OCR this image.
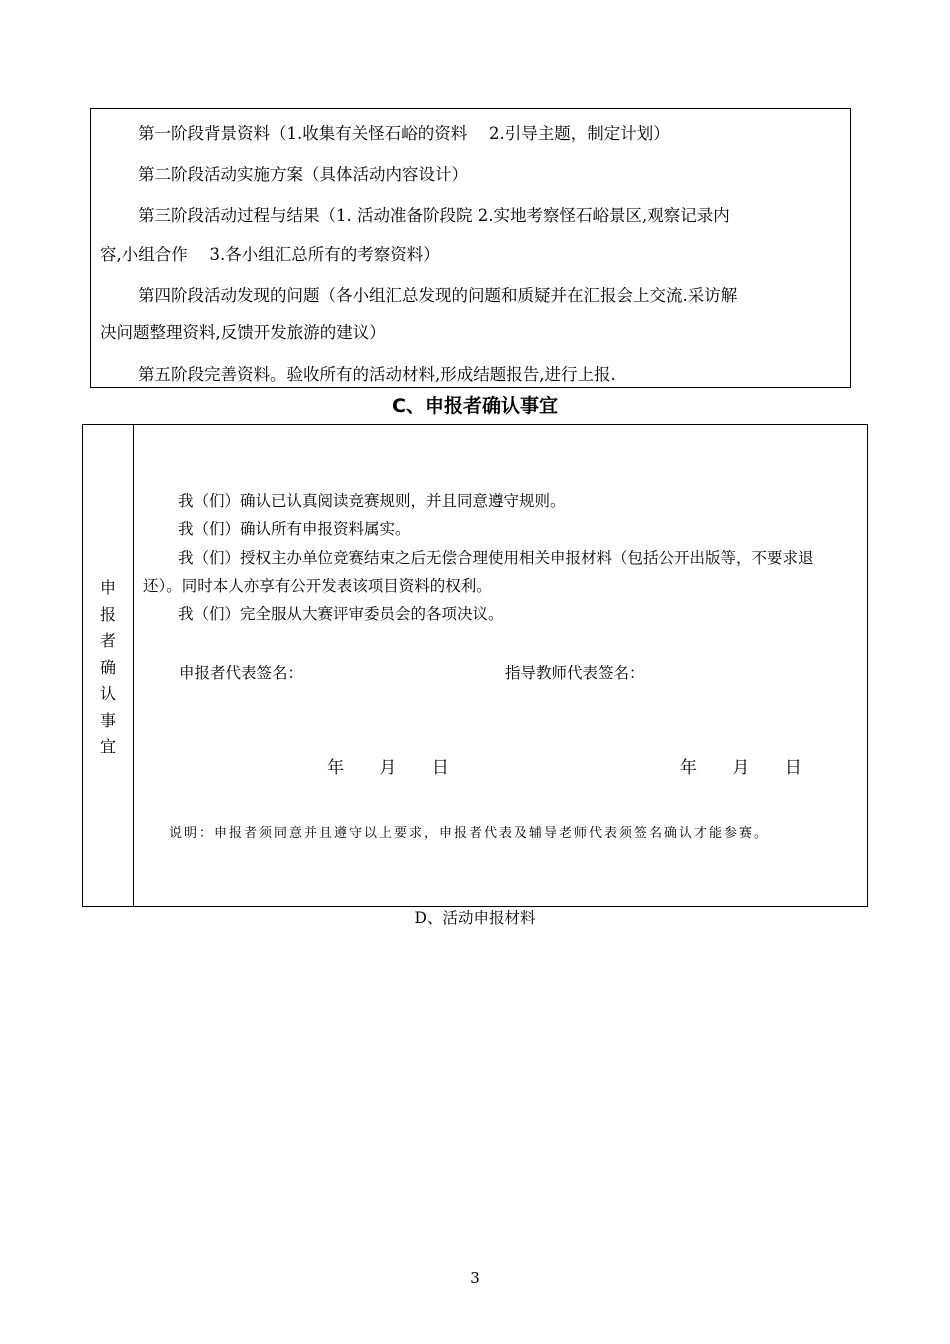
第一阶段背景资料（1.收集有关怪石峪的资料　 2.引导主题，制定计划）
第二阶段活动实施方案（具体活动内容设计）
第三阶段活动过程与结果（1. 活动准备阶段院 2.实地考察怪石峪景区,观察记录内
容,小组合作　 3.各小组汇总所有的考察资料）
第四阶段活动发现的问题（各小组汇总发现的问题和质疑并在汇报会上交流.采访解
决问题整理资料,反馈开发旅游的建议）
第五阶段完善资料。验收所有的活动材料,形成结题报告,进行上报.
C、申报者确认事宜
申
报
者
确
认
事
宜
我（们）确认已认真阅读竞赛规则，并且同意遵守规则。
我（们）确认所有申报资料属实。
我（们）授权主办单位竞赛结束之后无偿合理使用相关申报材料（包括公开出版等，不要求退
还）。同时本人亦享有公开发表该项目资料的权利。
我（们）完全服从大赛评审委员会的各项决议。
申报者代表签名：	指导教师代表签名：
年 月 日	年 月 日
说明：申报者须同意并且遵守以上要求，申报者代表及辅导老师代表须签名确认才能参赛。
D、活动申报材料
3
